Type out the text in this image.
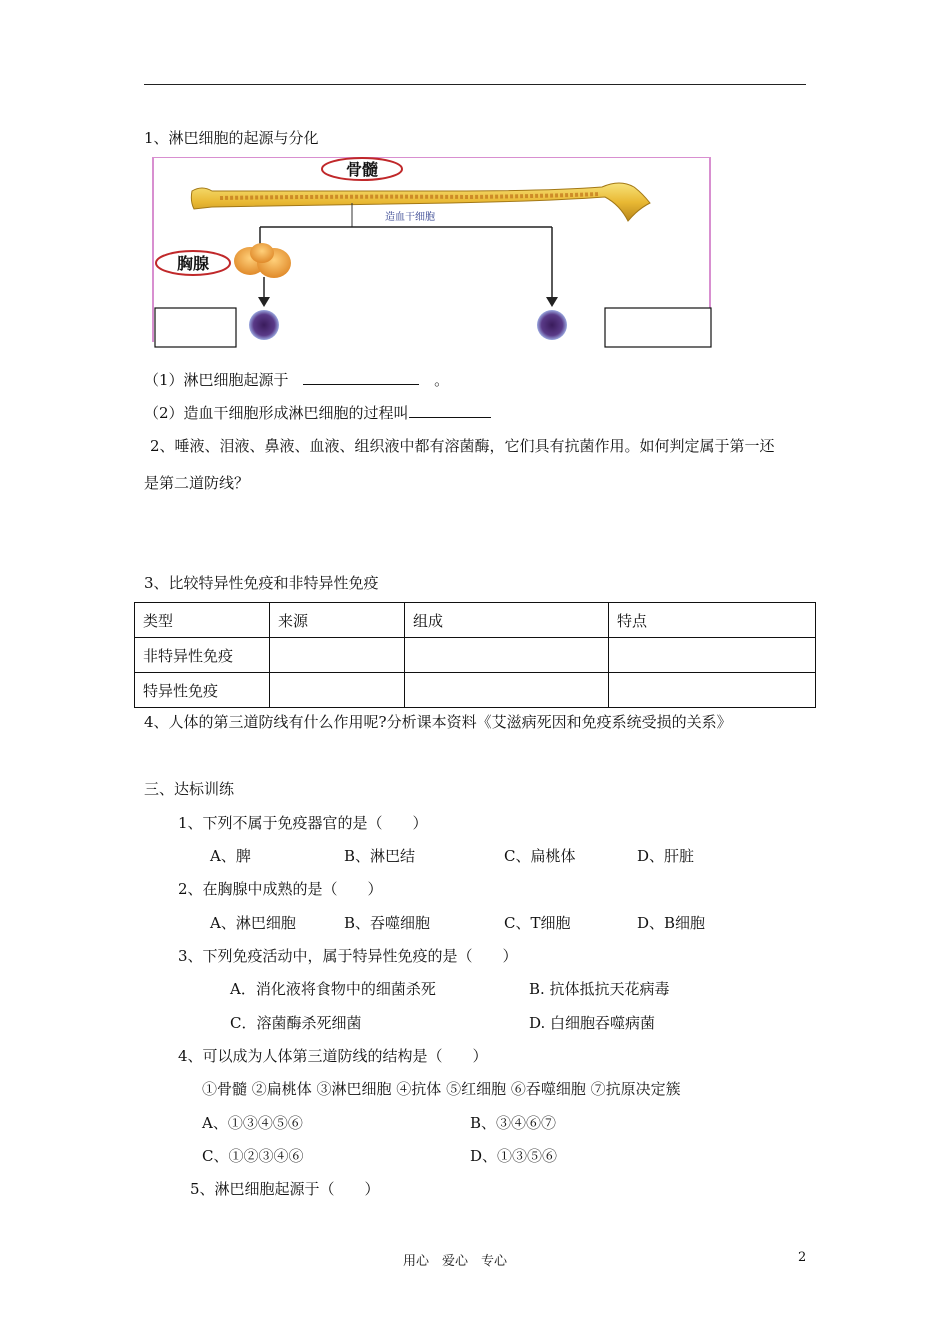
1、淋巴细胞的起源与分化
骨髓
造血干细胞
胸腺
（1）淋巴细胞起源于	。
（2）造血干细胞形成淋巴细胞的过程叫
2、唾液、泪液、鼻液、血液、组织液中都有溶菌酶，它们具有抗菌作用。如何判定属于第一还
是第二道防线？
3、比较特异性免疫和非特异性免疫
类型	来源	组成	特点
非特异性免疫			
特异性免疫			
4、人体的第三道防线有什么作用呢?分析课本资料《艾滋病死因和免疫系统受损的关系》
三、达标训练
1、下列不属于免疫器官的是（　　）
A、脾	B、淋巴结	C、扁桃体	D、肝脏
2、在胸腺中成熟的是（　　）
A、淋巴细胞	B、吞噬细胞	C、T细胞	D、B细胞
3、下列免疫活动中，属于特异性免疫的是（　　）
A．消化液将食物中的细菌杀死	B. 抗体抵抗天花病毒
C．溶菌酶杀死细菌	D. 白细胞吞噬病菌
4、可以成为人体第三道防线的结构是（　　）
①骨髓 ②扁桃体 ③淋巴细胞 ④抗体 ⑤红细胞 ⑥吞噬细胞 ⑦抗原决定簇
A、①③④⑤⑥	B、③④⑥⑦
C、①②③④⑥	D、①③⑤⑥
5、淋巴细胞起源于（　　）
用心　爱心　专心	2
